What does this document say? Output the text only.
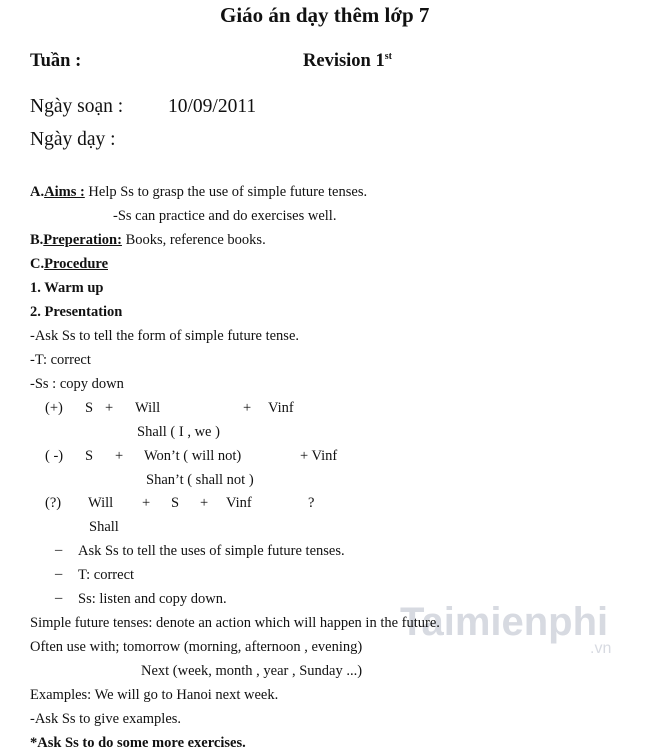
Giáo án dạy thêm lớp 7
Tuần :	Revision 1st
Ngày soạn : 10/09/2011
Ngày dạy :
A.Aims : Help Ss to grasp the use of simple future tenses.
-Ss can practice and do exercises well.
B.Preperation: Books, reference books.
C.Procedure
1. Warm up
2. Presentation
-Ask Ss to tell the form of simple future tense.
-T: correct
-Ss : copy down
(+) S + Will	+ Vinf
Shall ( I , we )
( -) S + Won’t ( will not)	+ Vinf
Shan’t ( shall not )
(?) Will + S + Vinf	?
Shall
– Ask Ss to tell the uses of simple future tenses.
– T: correct
– Ss: listen and copy down.
Taimienphi
.vn
Simple future tenses: denote an action which will happen in the future.
Often use with; tomorrow (morning, afternoon , evening)
Next (week, month , year , Sunday ...)
Examples: We will go to Hanoi next week.
-Ask Ss to give examples.
*Ask Ss to do some more exercises.
